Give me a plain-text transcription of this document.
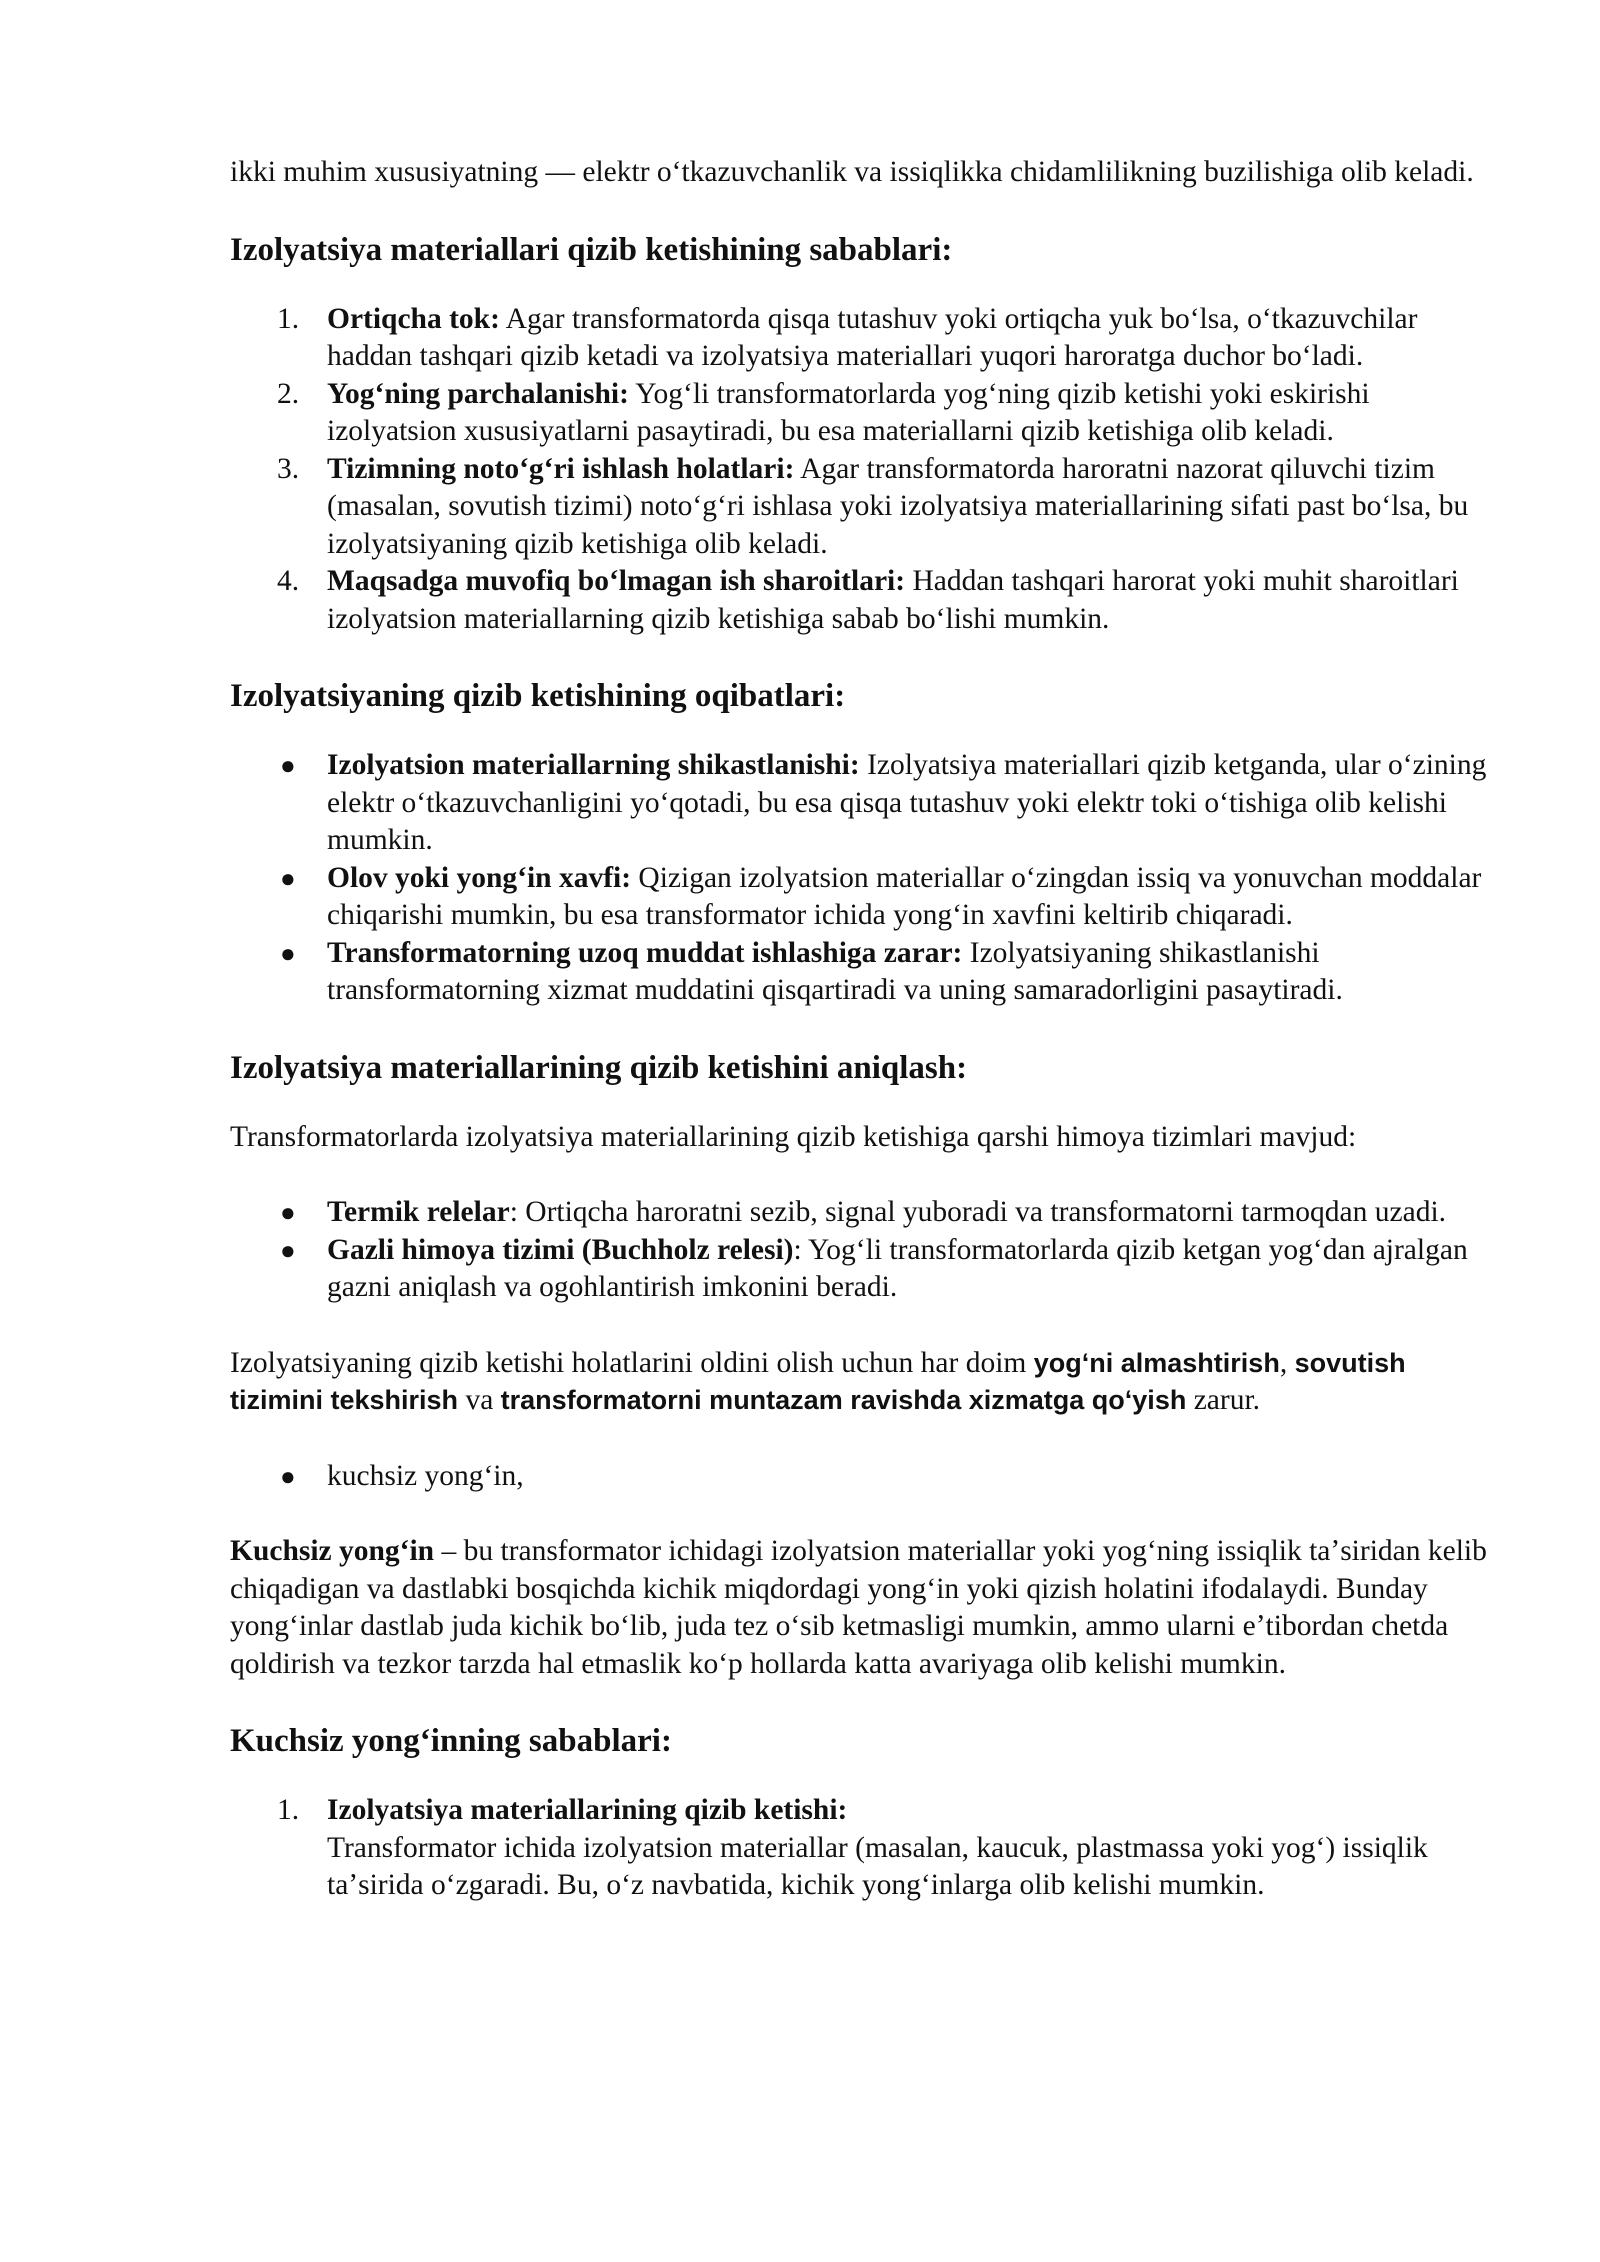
ikki muhim xususiyatning — elektr oʻtkazuvchanlik va issiqlikka chidamlilikning buzilishiga olib keladi.

Izolyatsiya materiallari qizib ketishining sabablari:
1. Ortiqcha tok: Agar transformatorda qisqa tutashuv yoki ortiqcha yuk boʻlsa, oʻtkazuvchilar haddan tashqari qizib ketadi va izolyatsiya materiallari yuqori haroratga duchor boʻladi.
2. Yogʻning parchalanishi: Yogʻli transformatorlarda yogʻning qizib ketishi yoki eskirishi izolyatsion xususiyatlarni pasaytiradi, bu esa materiallarni qizib ketishiga olib keladi.
3. Tizimning notoʻgʻri ishlash holatlari: Agar transformatorda haroratni nazorat qiluvchi tizim (masalan, sovutish tizimi) notoʻgʻri ishlasa yoki izolyatsiya materiallarining sifati past boʻlsa, bu izolyatsiyaning qizib ketishiga olib keladi.
4. Maqsadga muvofiq boʻlmagan ish sharoitlari: Haddan tashqari harorat yoki muhit sharoitlari izolyatsion materiallarning qizib ketishiga sabab boʻlishi mumkin.
Izolyatsiyaning qizib ketishining oqibatlari:
● Izolyatsion materiallarning shikastlanishi: Izolyatsiya materiallari qizib ketganda, ular oʻzining elektr oʻtkazuvchanligini yoʻqotadi, bu esa qisqa tutashuv yoki elektr toki oʻtishiga olib kelishi mumkin.
● Olov yoki yongʻin xavfi: Qizigan izolyatsion materiallar oʻzingdan issiq va yonuvchan moddalar chiqarishi mumkin, bu esa transformator ichida yongʻin xavfini keltirib chiqaradi.
● Transformatorning uzoq muddat ishlashiga zarar: Izolyatsiyaning shikastlanishi transformatorning xizmat muddatini qisqartiradi va uning samaradorligini pasaytiradi.
Izolyatsiya materiallarining qizib ketishini aniqlash:

Transformatorlarda izolyatsiya materiallarining qizib ketishiga qarshi himoya tizimlari mavjud:

● Termik relelar: Ortiqcha haroratni sezib, signal yuboradi va transformatorni tarmoqdan uzadi.
● Gazli himoya tizimi (Buchholz relesi): Yogʻli transformatorlarda qizib ketgan yogʻdan ajralgan gazni aniqlash va ogohlantirish imkonini beradi.

Izolyatsiyaning qizib ketishi holatlarini oldini olish uchun har doim yogʻni almashtirish, sovutish tizimini tekshirish va transformatorni muntazam ravishda xizmatga qoʻyish zarur.

● kuchsiz yongʻin,

Kuchsiz yongʻin – bu transformator ichidagi izolyatsion materiallar yoki yogʻning issiqlik taʼsiridan kelib chiqadigan va dastlabki bosqichda kichik miqdordagi yongʻin yoki qizish holatini ifodalaydi. Bunday yongʻinlar dastlab juda kichik boʻlib, juda tez oʻsib ketmasligi mumkin, ammo ularni eʼtibordan chetda qoldirish va tezkor tarzda hal etmaslik koʻp hollarda katta avariyaga olib kelishi mumkin.

Kuchsiz yongʻinning sabablari:
1. Izolyatsiya materiallarining qizib ketishi:
Transformator ichida izolyatsion materiallar (masalan, kaucuk, plastmassa yoki yogʻ) issiqlik taʼsirida oʻzgaradi. Bu, oʻz navbatida, kichik yongʻinlarga olib kelishi mumkin.
